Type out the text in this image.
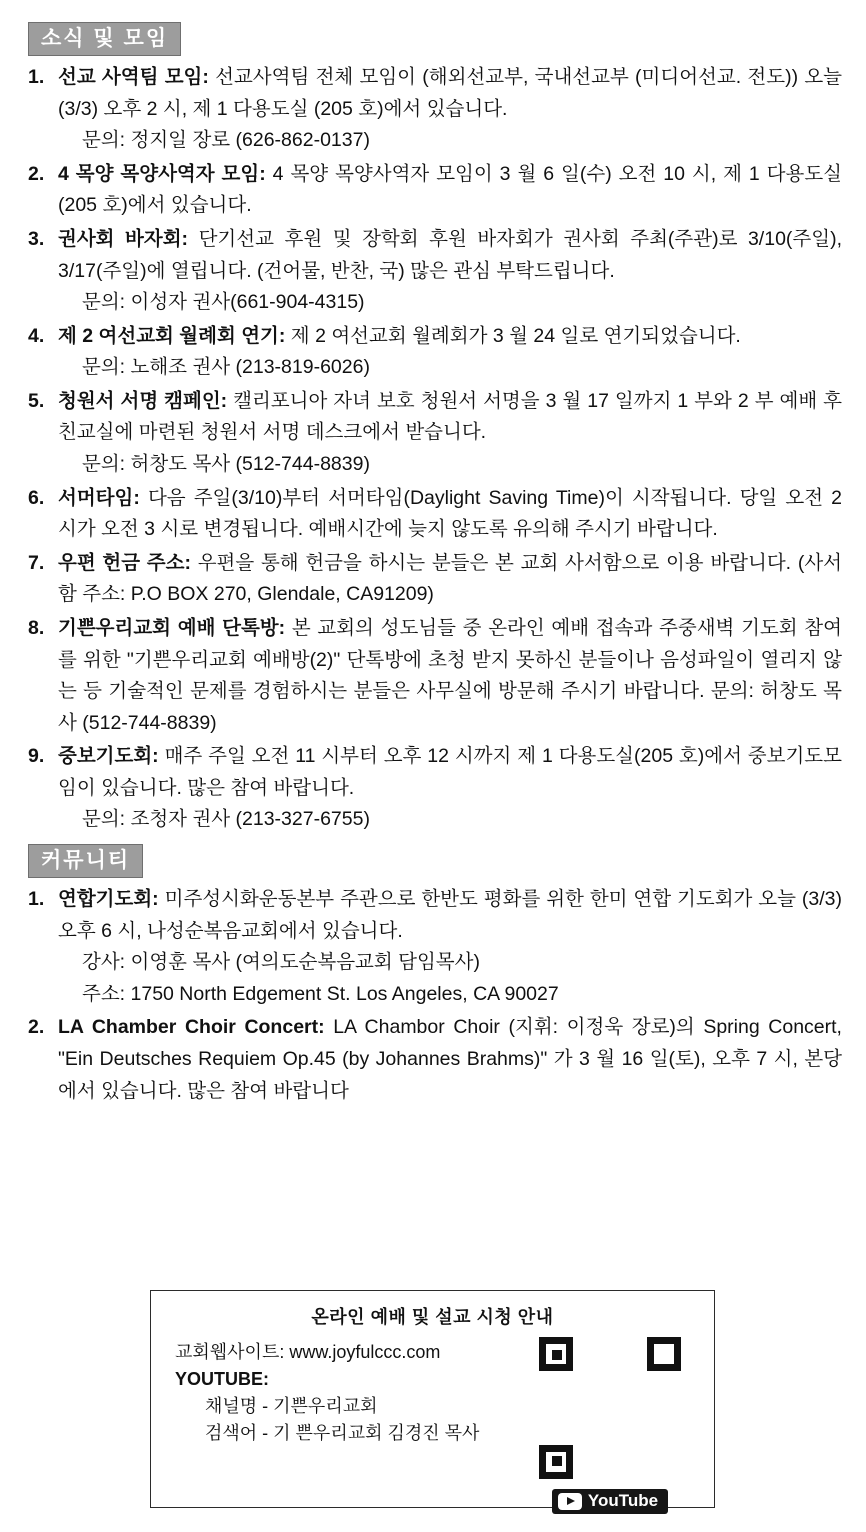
소식 및 모임
1. 선교 사역팀 모임: 선교사역팀 전체 모임이 (해외선교부, 국내선교부 (미디어선교. 전도)) 오늘 (3/3) 오후 2 시, 제 1 다용도실 (205 호)에서 있습니다.

문의: 정지일 장로 (626-862-0137)

2. 4 목양 목양사역자 모임: 4 목양 목양사역자 모임이 3 월 6 일(수) 오전 10 시, 제 1 다용도실(205 호)에서 있습니다.

3. 권사회 바자회: 단기선교 후원 및 장학회 후원 바자회가 권사회 주최(주관)로 3/10(주일), 3/17(주일)에 열립니다. (건어물, 반찬, 국) 많은 관심 부탁드립니다.

문의: 이성자 권사(661-904-4315)

4. 제 2 여선교회 월례회 연기: 제 2 여선교회 월례회가 3 월 24 일로 연기되었습니다.

문의: 노해조 권사 (213-819-6026)

5. 청원서 서명 캠페인: 캘리포니아 자녀 보호 청원서 서명을 3 월 17 일까지 1 부와 2 부 예배 후 친교실에 마련된 청원서 서명 데스크에서 받습니다.

문의: 허창도 목사 (512-744-8839)

6. 서머타임: 다음 주일(3/10)부터 서머타임(Daylight Saving Time)이 시작됩니다. 당일 오전 2 시가 오전 3 시로 변경됩니다. 예배시간에 늦지 않도록 유의해 주시기 바랍니다.

7. 우편 헌금 주소: 우편을 통해 헌금을 하시는 분들은 본 교회 사서함으로 이용 바랍니다. (사서함 주소: P.O BOX 270, Glendale, CA91209)

8. 기쁜우리교회 예배 단톡방: 본 교회의 성도님들 중 온라인 예배 접속과 주중새벽 기도회 참여를 위한 "기쁜우리교회 예배방(2)" 단톡방에 초청 받지 못하신 분들이나 음성파일이 열리지 않는 등 기술적인 문제를 경험하시는 분들은 사무실에 방문해 주시기 바랍니다. 문의: 허창도 목사 (512-744-8839)

9. 중보기도회: 매주 주일 오전 11 시부터 오후 12 시까지 제 1 다용도실(205 호)에서 중보기도모임이 있습니다. 많은 참여 바랍니다.

문의: 조청자 권사 (213-327-6755)

커뮤니티
1. 연합기도회: 미주성시화운동본부 주관으로 한반도 평화를 위한 한미 연합 기도회가 오늘 (3/3) 오후 6 시, 나성순복음교회에서 있습니다.

강사: 이영훈 목사 (여의도순복음교회 담임목사)

주소: 1750 North Edgement St. Los Angeles, CA 90027

2. LA Chamber Choir Concert: LA Chambor Choir (지휘: 이정욱 장로)의 Spring Concert, "Ein Deutsches Requiem Op.45 (by Johannes Brahms)" 가 3 월 16 일(토), 오후 7 시, 본당에서 있습니다. 많은 참여 바랍니다

온라인 예배 및 설교 시청 안내
교회웹사이트: www.joyfulccc.com
YOUTUBE:
채널명 - 기쁜우리교회
검색어 - 기 쁜우리교회 김경진 목사
YouTube
